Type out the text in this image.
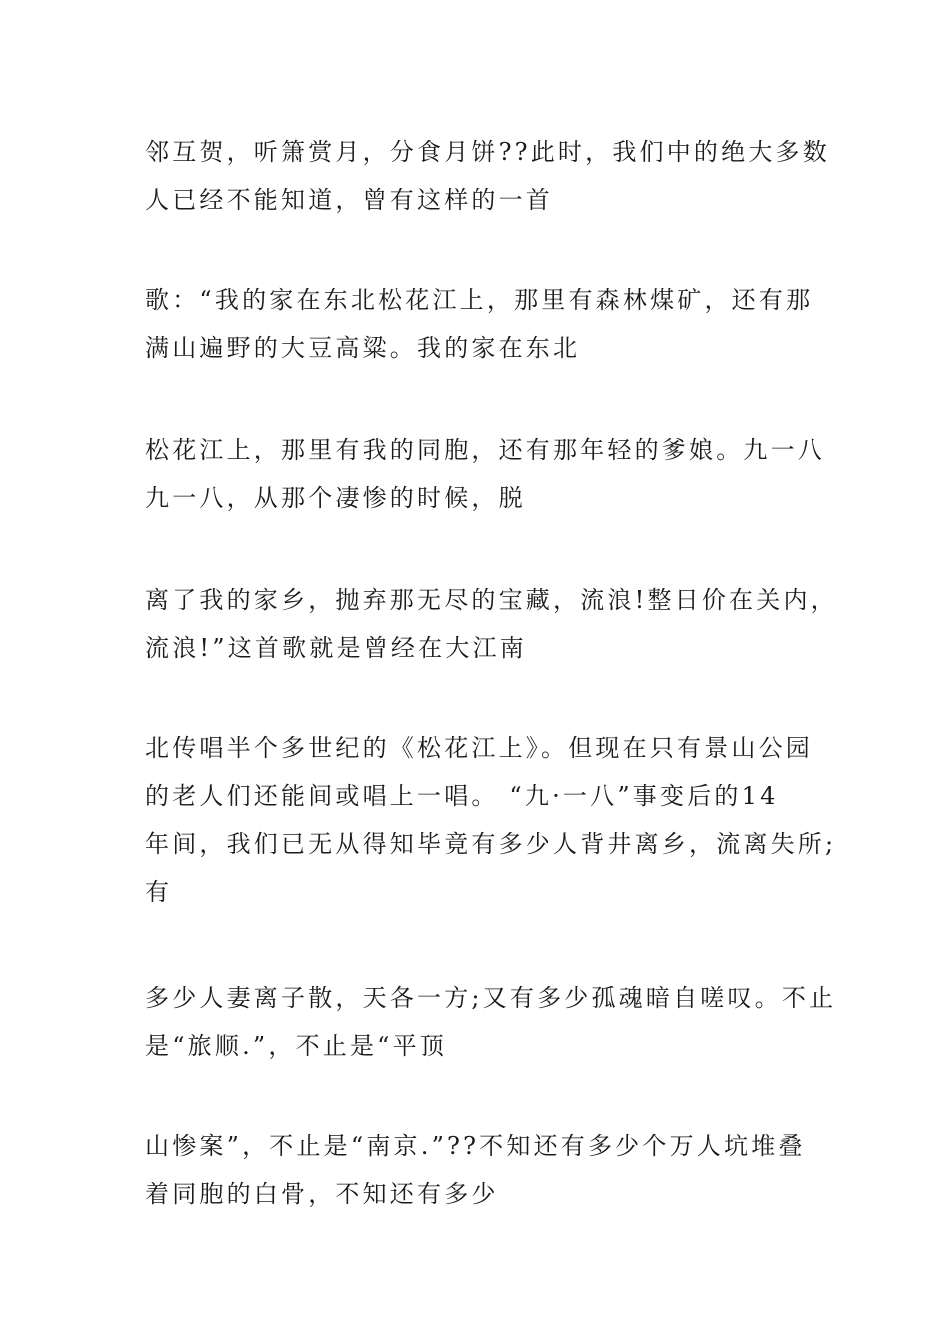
邻互贺，听箫赏月，分食月饼??此时，我们中的绝大多数
人已经不能知道，曾有这样的一首

歌：“我的家在东北松花江上，那里有森林煤矿，还有那
满山遍野的大豆高粱。我的家在东北

松花江上，那里有我的同胞，还有那年轻的爹娘。九一八
九一八，从那个凄惨的时候，脱

离了我的家乡，抛弃那无尽的宝藏，流浪!整日价在关内，
流浪!”这首歌就是曾经在大江南

北传唱半个多世纪的《松花江上》。但现在只有景山公园
的老人们还能间或唱上一唱。 “九·一八”事变后的14
年间，我们已无从得知毕竟有多少人背井离乡，流离失所;
有

多少人妻离子散，天各一方;又有多少孤魂暗自嗟叹。不止
是“旅顺.”，不止是“平顶

山惨案”，不止是“南京.”??不知还有多少个万人坑堆叠
着同胞的白骨，不知还有多少
